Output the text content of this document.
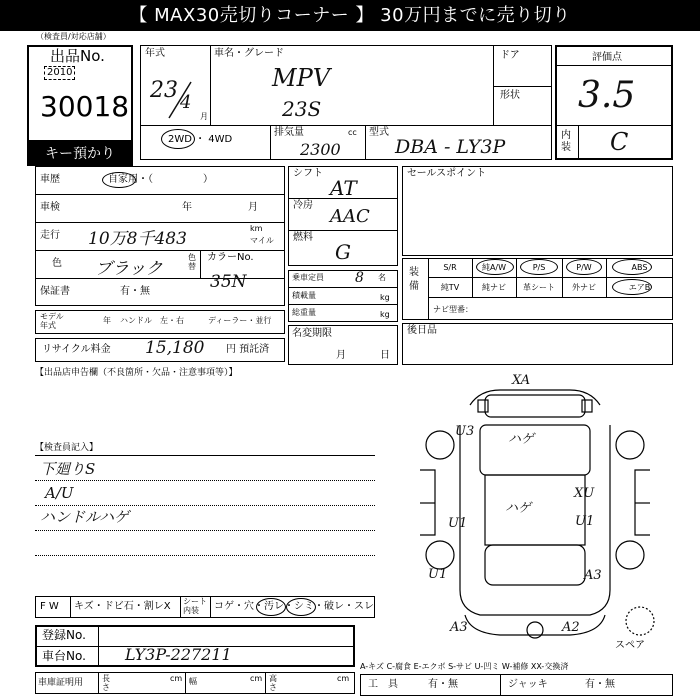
【 MAX30売切りコーナー 】 30万円までに売り切り
（検査員/対応店舗）
出品No.
2010
30018
キー預かり
年式
23 4
月
車名・グレード
MPV
23S
ドア
形状
2WD ・ 4WD
排気量	cc
2300
型式
DBA - LY3P
評価点
3.5
内装 C
車歴	自家用・（　　　　　）
車検	年	月
走行 10万8千483
km
マイル
色 ブラック
色替
カラーNo.
35N
保証書	有・無
モデル年式
年 ハンドル　左・右	ディーラー・並行
リサイクル料金 15,180 円 預託済
シフト
AT
冷房
AAC
燃料
G
乗車定員 8 名
積載量	kg
総重量	kg
名変期限
月	日
セールスポイント
装備
S/R	純A/W	P/S	P/W	ABS
純TV	純ナビ	革シート	外ナビ	エアB
ナビ型番：
後日品
【出品店申告欄（不良箇所・欠品・注意事項等）】
【検査員記入】
下廻りS
A/U
ハンドルハゲ
XA
U3
ハゲ
ハゲ
U1	U1
XU
A3
A3	A2
U1
スペア
F W キズ・ドビ石・割レX シート内装	コゲ・穴・汚レ・シミ・破レ・スレ
登録No.
車台No. LY3P-227211
車庫証明用 長さ
cm 幅	cm 高さ
cm
A-キズ C-腐食 E-エクボ S-サビ U-凹ミ W-補修 XX-交換済
工　具	有・無	ジャッキ	有・無
